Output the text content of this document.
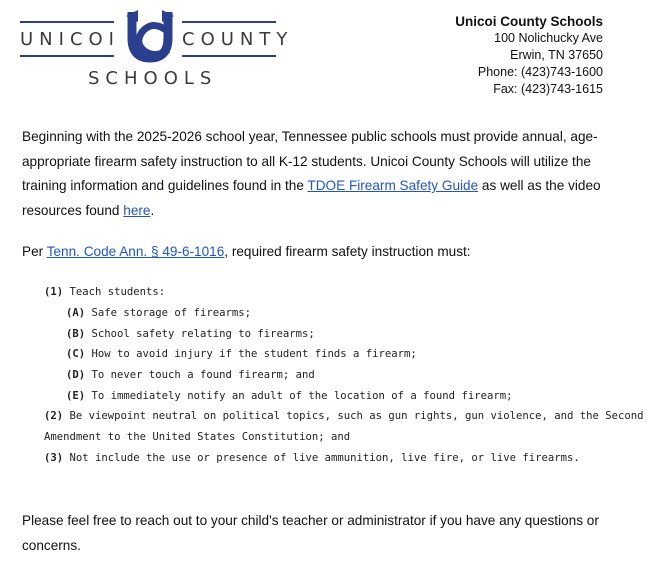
UNICOI	COUNTY
SCHOOLS
Unicoi County Schools
100 Nolichucky Ave
Erwin, TN 37650
Phone: (423)743-1600
Fax: (423)743-1615
Beginning with the 2025-2026 school year, Tennessee public schools must provide annual, age-appropriate firearm safety instruction to all K-12 students. Unicoi County Schools will utilize the training information and guidelines found in the TDOE Firearm Safety Guide as well as the video resources found here.
Per Tenn. Code Ann. § 49-6-1016, required firearm safety instruction must:
(1) Teach students:
(A) Safe storage of firearms;
(B) School safety relating to firearms;
(C) How to avoid injury if the student finds a firearm;
(D) To never touch a found firearm; and
(E) To immediately notify an adult of the location of a found firearm;
(2) Be viewpoint neutral on political topics, such as gun rights, gun violence, and the Second
Amendment to the United States Constitution; and
(3) Not include the use or presence of live ammunition, live fire, or live firearms.
Please feel free to reach out to your child's teacher or administrator if you have any questions or concerns.
